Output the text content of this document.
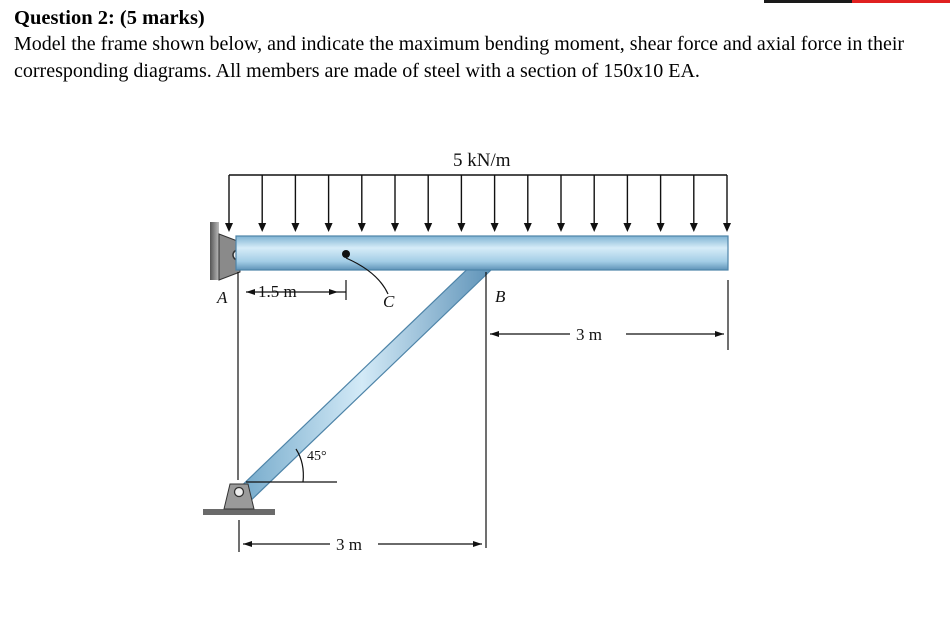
Question 2: (5 marks)

Model the frame shown below, and indicate the maximum bending moment, shear force and axial force in their corresponding diagrams. All members are made of steel with a section of 150x10 EA.

5 kN/m
1.5 m
3 m
3 m
45°
A	B
C
